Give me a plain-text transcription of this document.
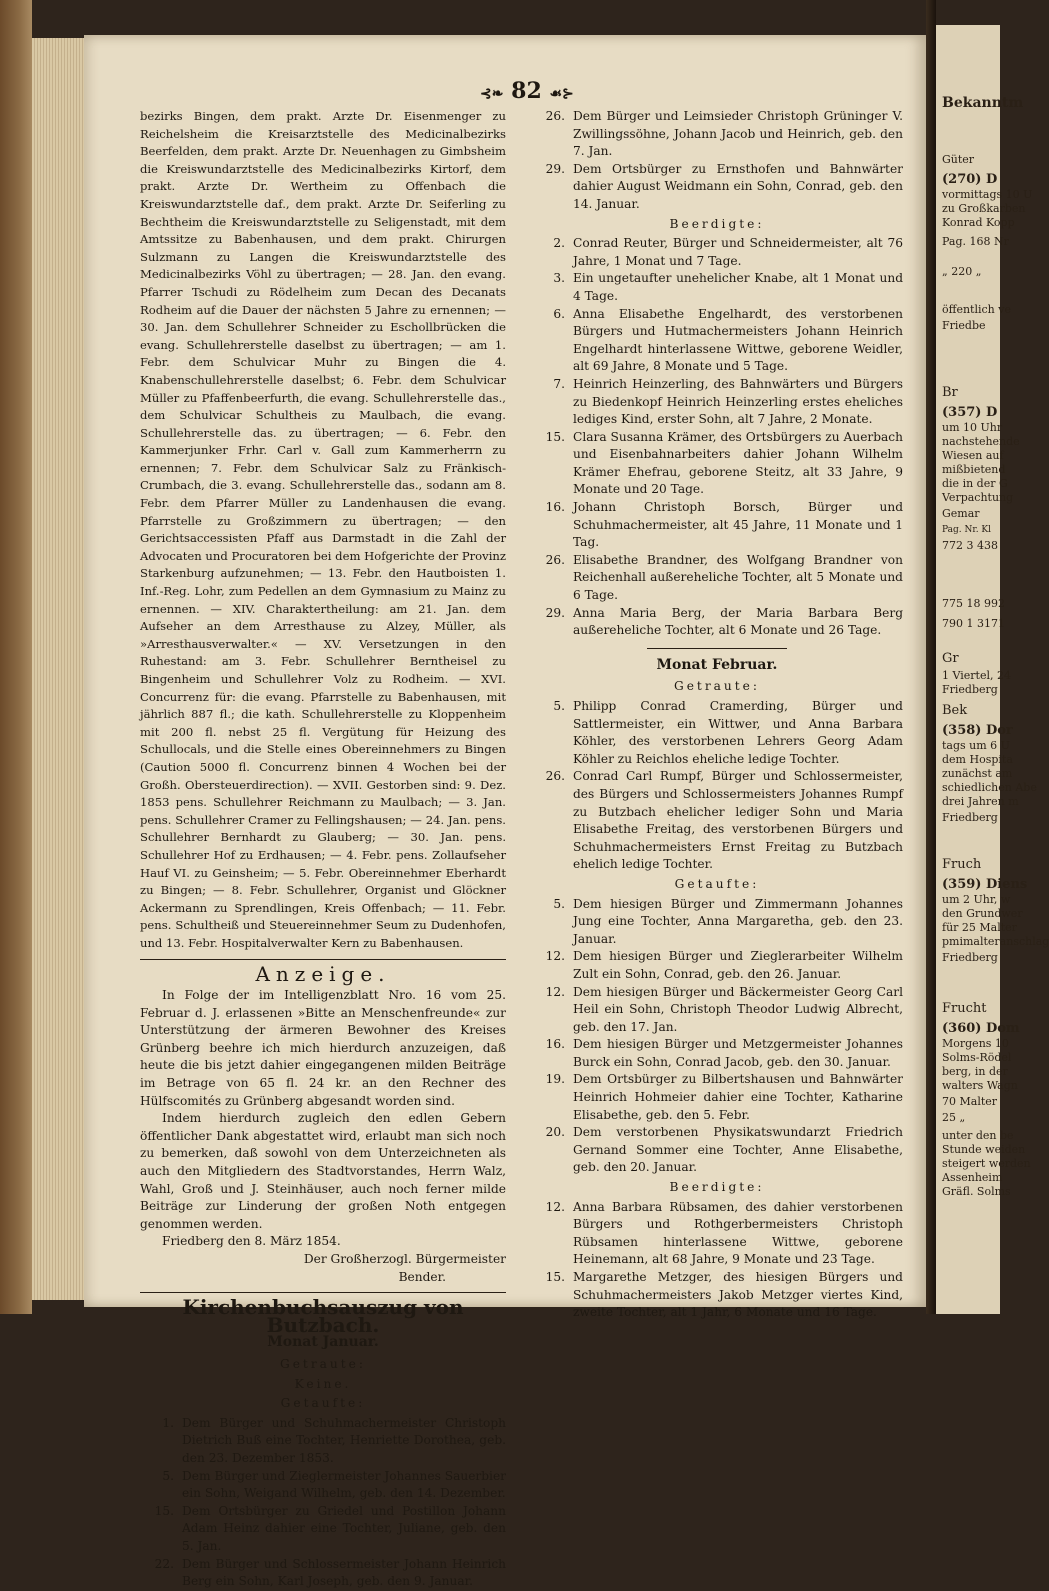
⊰❧ 82 ☙⊱

bezirks Bingen, dem prakt. Arzte Dr. Eisenmenger zu Reichelsheim die Kreisarztstelle des Medicinalbezirks Beerfelden, dem prakt. Arzte Dr. Neuenhagen zu Gimbsheim die Kreiswundarztstelle des Medicinalbezirks Kirtorf, dem prakt. Arzte Dr. Wertheim zu Offenbach die Kreiswundarztstelle daf., dem prakt. Arzte Dr. Seiferling zu Bechtheim die Kreiswundarztstelle zu Seligenstadt, mit dem Amtssitze zu Babenhausen, und dem prakt. Chirurgen Sulzmann zu Langen die Kreiswundarztstelle des Medicinalbezirks Vöhl zu übertragen; — 28. Jan. den evang. Pfarrer Tschudi zu Rödelheim zum Decan des Decanats Rodheim auf die Dauer der nächsten 5 Jahre zu ernennen; — 30. Jan. dem Schullehrer Schneider zu Eschollbrücken die evang. Schullehrerstelle daselbst zu übertragen; — am 1. Febr. dem Schulvicar Muhr zu Bingen die 4. Knabenschullehrerstelle daselbst; 6. Febr. dem Schulvicar Müller zu Pfaffenbeerfurth, die evang. Schullehrerstelle das., dem Schulvicar Schultheis zu Maulbach, die evang. Schullehrerstelle das. zu übertragen; — 6. Febr. den Kammerjunker Frhr. Carl v. Gall zum Kammerherrn zu ernennen; 7. Febr. dem Schulvicar Salz zu Fränkisch-Crumbach, die 3. evang. Schullehrerstelle das., sodann am 8. Febr. dem Pfarrer Müller zu Landenhausen die evang. Pfarrstelle zu Großzimmern zu übertragen; — den Gerichtsaccessisten Pfaff aus Darmstadt in die Zahl der Advocaten und Procuratoren bei dem Hofgerichte der Provinz Starkenburg aufzunehmen; — 13. Febr. den Hautboisten 1. Inf.-Reg. Lohr, zum Pedellen an dem Gymnasium zu Mainz zu ernennen. — XIV. Charaktertheilung: am 21. Jan. dem Aufseher an dem Arresthause zu Alzey, Müller, als »Arresthausverwalter.« — XV. Versetzungen in den Ruhestand: am 3. Febr. Schullehrer Berntheisel zu Bingenheim und Schullehrer Volz zu Rodheim. — XVI. Concurrenz für: die evang. Pfarrstelle zu Babenhausen, mit jährlich 887 fl.; die kath. Schullehrerstelle zu Kloppenheim mit 200 fl. nebst 25 fl. Vergütung für Heizung des Schullocals, und die Stelle eines Obereinnehmers zu Bingen (Caution 5000 fl. Concurrenz binnen 4 Wochen bei der Großh. Obersteuerdirection). — XVII. Gestorben sind: 9. Dez. 1853 pens. Schullehrer Reichmann zu Maulbach; — 3. Jan. pens. Schullehrer Cramer zu Fellingshausen; — 24. Jan. pens. Schullehrer Bernhardt zu Glauberg; — 30. Jan. pens. Schullehrer Hof zu Erdhausen; — 4. Febr. pens. Zollaufseher Hauf VI. zu Geinsheim; — 5. Febr. Obereinnehmer Eberhardt zu Bingen; — 8. Febr. Schullehrer, Organist und Glöckner Ackermann zu Sprendlingen, Kreis Offenbach; — 11. Febr. pens. Schultheiß und Steuereinnehmer Seum zu Dudenhofen, und 13. Febr. Hospitalverwalter Kern zu Babenhausen.

Anzeige.

In Folge der im Intelligenzblatt Nro. 16 vom 25. Februar d. J. erlassenen »Bitte an Menschenfreunde« zur Unterstützung der ärmeren Bewohner des Kreises Grünberg beehre ich mich hierdurch anzuzeigen, daß heute die bis jetzt dahier eingegangenen milden Beiträge im Betrage von 65 fl. 24 kr. an den Rechner des Hülfscomités zu Grünberg abgesandt worden sind.

Indem hierdurch zugleich den edlen Gebern öffentlicher Dank abgestattet wird, erlaubt man sich noch zu bemerken, daß sowohl von dem Unterzeichneten als auch den Mitgliedern des Stadtvorstandes, Herrn Walz, Wahl, Groß und J. Steinhäuser, auch noch ferner milde Beiträge zur Linderung der großen Noth entgegen genommen werden.

Friedberg den 8. März 1854.

Der Großherzogl. Bürgermeister

Bender.

Kirchenbuchsauszug von Butzbach.
Monat Januar.
Getraute:
Keine.
Getaufte:
1. Dem Bürger und Schuhmachermeister Christoph Dietrich Buß eine Tochter, Henriette Dorothea, geb. den 23. Dezember 1853.
5. Dem Bürger und Zieglermeister Johannes Sauerbier ein Sohn, Weigand Wilhelm, geb. den 14. Dezember.
15. Dem Ortsbürger zu Griedel und Postillon Johann Adam Heinz dahier eine Tochter, Juliane, geb. den 5. Jan.
22. Dem Bürger und Schlossermeister Johann Heinrich Berg ein Sohn, Karl Joseph, geb. den 9. Januar.
26. Dem Bürger und Leimsieder Christoph Grüninger V. Zwillingssöhne, Johann Jacob und Heinrich, geb. den 7. Jan.
29. Dem Ortsbürger zu Ernsthofen und Bahnwärter dahier August Weidmann ein Sohn, Conrad, geb. den 14. Januar.
Beerdigte:
2. Conrad Reuter, Bürger und Schneidermeister, alt 76 Jahre, 1 Monat und 7 Tage.
3. Ein ungetaufter unehelicher Knabe, alt 1 Monat und 4 Tage.
6. Anna Elisabethe Engelhardt, des verstorbenen Bürgers und Hutmachermeisters Johann Heinrich Engelhardt hinterlassene Wittwe, geborene Weidler, alt 69 Jahre, 8 Monate und 5 Tage.
7. Heinrich Heinzerling, des Bahnwärters und Bürgers zu Biedenkopf Heinrich Heinzerling erstes eheliches lediges Kind, erster Sohn, alt 7 Jahre, 2 Monate.
15. Clara Susanna Krämer, des Ortsbürgers zu Auerbach und Eisenbahnarbeiters dahier Johann Wilhelm Krämer Ehefrau, geborene Steitz, alt 33 Jahre, 9 Monate und 20 Tage.
16. Johann Christoph Borsch, Bürger und Schuhmachermeister, alt 45 Jahre, 11 Monate und 1 Tag.
26. Elisabethe Brandner, des Wolfgang Brandner von Reichenhall außereheliche Tochter, alt 5 Monate und 6 Tage.
29. Anna Maria Berg, der Maria Barbara Berg außereheliche Tochter, alt 6 Monate und 26 Tage.
Monat Februar.
Getraute:
5. Philipp Conrad Cramerding, Bürger und Sattlermeister, ein Wittwer, und Anna Barbara Köhler, des verstorbenen Lehrers Georg Adam Köhler zu Reichlos eheliche ledige Tochter.
26. Conrad Carl Rumpf, Bürger und Schlossermeister, des Bürgers und Schlossermeisters Johannes Rumpf zu Butzbach ehelicher lediger Sohn und Maria Elisabethe Freitag, des verstorbenen Bürgers und Schuhmachermeisters Ernst Freitag zu Butzbach ehelich ledige Tochter.
Getaufte:
5. Dem hiesigen Bürger und Zimmermann Johannes Jung eine Tochter, Anna Margaretha, geb. den 23. Januar.
12. Dem hiesigen Bürger und Zieglerarbeiter Wilhelm Zult ein Sohn, Conrad, geb. den 26. Januar.
12. Dem hiesigen Bürger und Bäckermeister Georg Carl Heil ein Sohn, Christoph Theodor Ludwig Albrecht, geb. den 17. Jan.
16. Dem hiesigen Bürger und Metzgermeister Johannes Burck ein Sohn, Conrad Jacob, geb. den 30. Januar.
19. Dem Ortsbürger zu Bilbertshausen und Bahnwärter Heinrich Hohmeier dahier eine Tochter, Katharine Elisabethe, geb. den 5. Febr.
20. Dem verstorbenen Physikatswundarzt Friedrich Gernand Sommer eine Tochter, Anne Elisabethe, geb. den 20. Januar.
Beerdigte:
12. Anna Barbara Rübsamen, des dahier verstorbenen Bürgers und Rothgerbermeisters Christoph Rübsamen hinterlassene Wittwe, geborene Heinemann, alt 68 Jahre, 9 Monate und 23 Tage.
15. Margarethe Metzger, des hiesigen Bürgers und Schuhmachermeisters Jakob Metzger viertes Kind, zweite Tochter, alt 1 Jahr, 6 Monate und 16 Tage.
Bekanntm
Güter
(270) D
vormittags 10 U
zu Großkarben
Konrad Kopp
Pag. 168 Nr
„ 220 „
öffentlich ve
Friedbe
Br
(357) D
um 10 Uhr
nachstehende
Wiesen auf
mißbietend
die in der G
Verpachtung
Gemar
Pag. Nr. Kl
772 3 438
775 18 992
790 1 3171
Gr
1 Viertel, 24
Friedberg
Bek
(358) Dor
tags um 6 U
dem Hospita
zunächst am
schiedlichen Abe
drei Jahren m
Friedberg
Fruch
(359) Diens
um 2 Uhr, w
den Grundwer
für 25 Malter
pmimalteranschlag
Friedberg
Frucht
(360) Dom
Morgens 10
Solms-Rödel
berg, in der
walters Wagn
70 Malter
25 „
unter den be
Stunde weiden
steigert werden
Assenheim
Gräfl. Solms
